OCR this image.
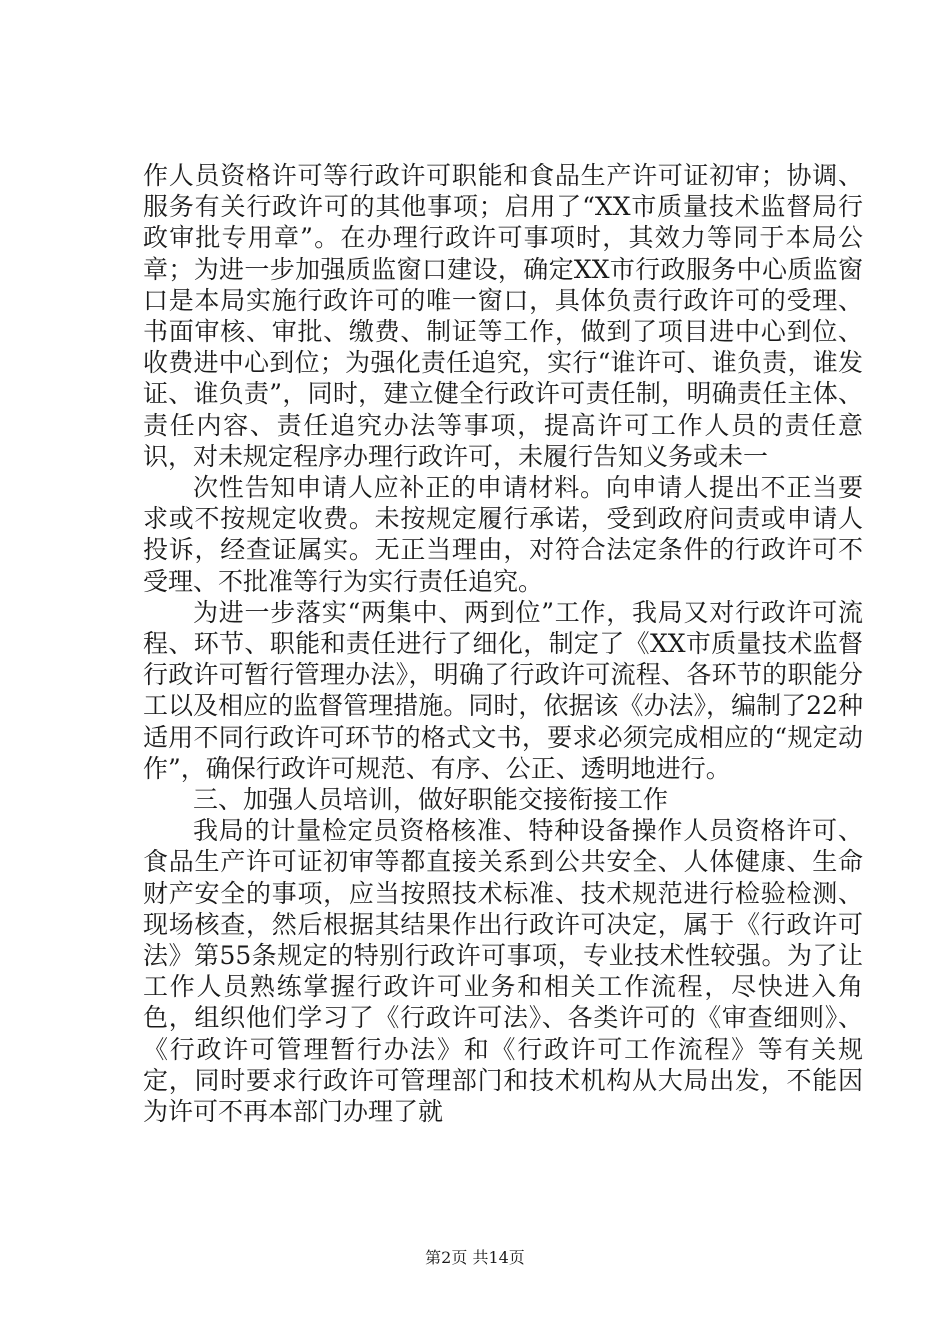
作人员资格许可等行政许可职能和食品生产许可证初审；协调、服务有关行政许可的其他事项；启用了“XX市质量技术监督局行政审批专用章”。在办理行政许可事项时，其效力等同于本局公章；为进一步加强质监窗口建设，确定XX市行政服务中心质监窗口是本局实施行政许可的唯一窗口，具体负责行政许可的受理、书面审核、审批、缴费、制证等工作，做到了项目进中心到位、收费进中心到位；为强化责任追究，实行“谁许可、谁负责，谁发证、谁负责”，同时，建立健全行政许可责任制，明确责任主体、责任内容、责任追究办法等事项，提高许可工作人员的责任意识，对未规定程序办理行政许可，未履行告知义务或未一

次性告知申请人应补正的申请材料。向申请人提出不正当要求或不按规定收费。未按规定履行承诺，受到政府问责或申请人投诉，经查证属实。无正当理由，对符合法定条件的行政许可不受理、不批准等行为实行责任追究。

为进一步落实“两集中、两到位”工作，我局又对行政许可流程、环节、职能和责任进行了细化，制定了《XX市质量技术监督行政许可暂行管理办法》，明确了行政许可流程、各环节的职能分工以及相应的监督管理措施。同时，依据该《办法》，编制了22种适用不同行政许可环节的格式文书，要求必须完成相应的“规定动作”，确保行政许可规范、有序、公正、透明地进行。

三、加强人员培训，做好职能交接衔接工作

我局的计量检定员资格核准、特种设备操作人员资格许可、食品生产许可证初审等都直接关系到公共安全、人体健康、生命财产安全的事项，应当按照技术标准、技术规范进行检验检测、现场核查，然后根据其结果作出行政许可决定，属于《行政许可法》第55条规定的特别行政许可事项，专业技术性较强。为了让工作人员熟练掌握行政许可业务和相关工作流程，尽快进入角色，组织他们学习了《行政许可法》、各类许可的《审查细则》、《行政许可管理暂行办法》和《行政许可工作流程》等有关规定，同时要求行政许可管理部门和技术机构从大局出发，不能因为许可不再本部门办理了就

第2页 共14页
